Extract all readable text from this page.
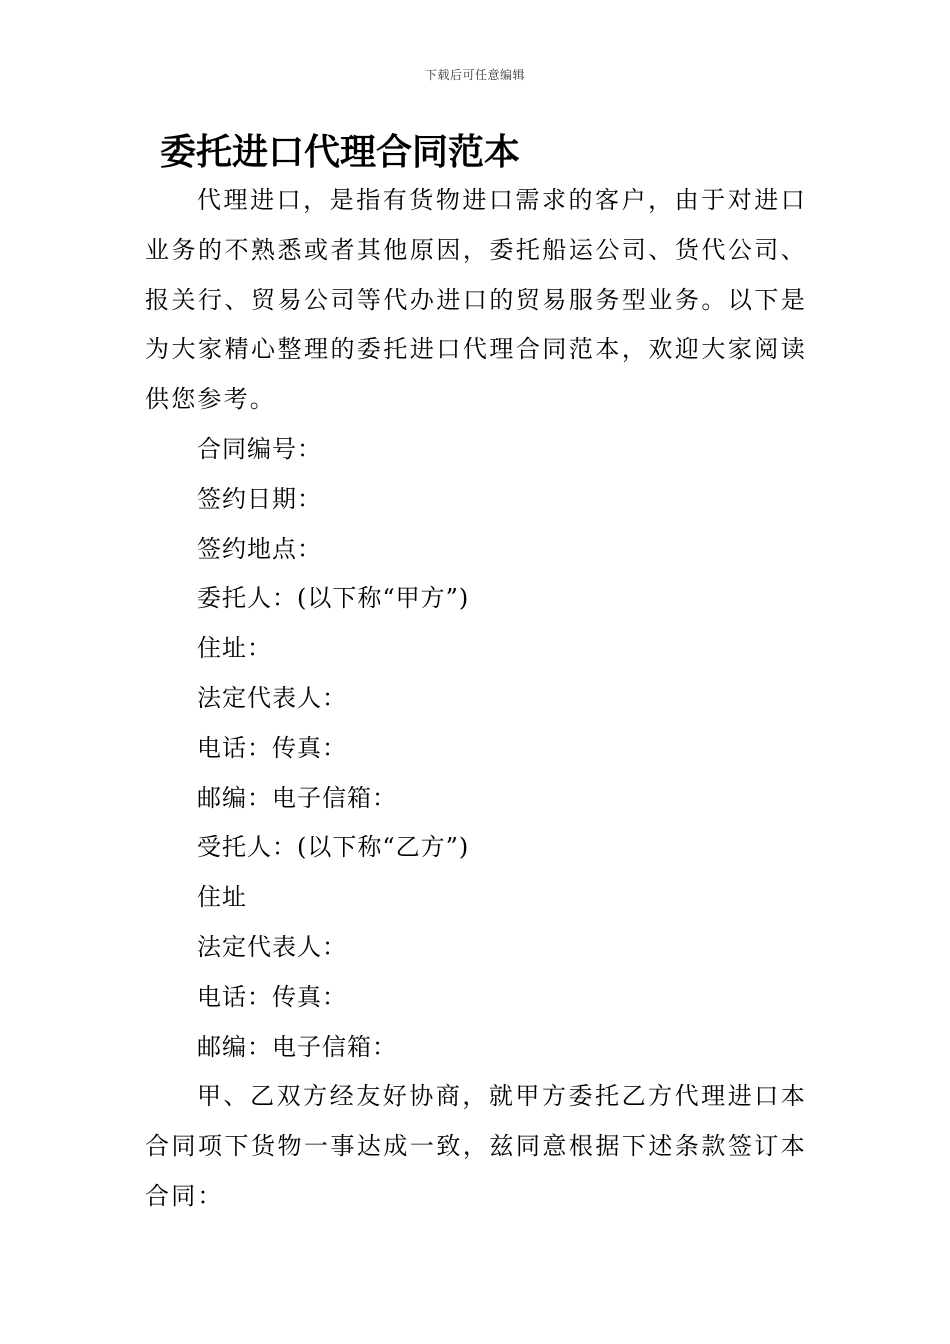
下载后可任意编辑
委托进口代理合同范本

代理进口，是指有货物进口需求的客户，由于对进口业务的不熟悉或者其他原因，委托船运公司、货代公司、报关行、贸易公司等代办进口的贸易服务型业务。以下是为大家精心整理的委托进口代理合同范本，欢迎大家阅读供您参考。

合同编号：

签约日期：

签约地点：

委托人：(以下称“甲方”)

住址：

法定代表人：

电话：传真：

邮编：电子信箱：

受托人：(以下称“乙方”)

住址

法定代表人：

电话：传真：

邮编：电子信箱：

甲、乙双方经友好协商，就甲方委托乙方代理进口本合同项下货物一事达成一致，兹同意根据下述条款签订本合同：
